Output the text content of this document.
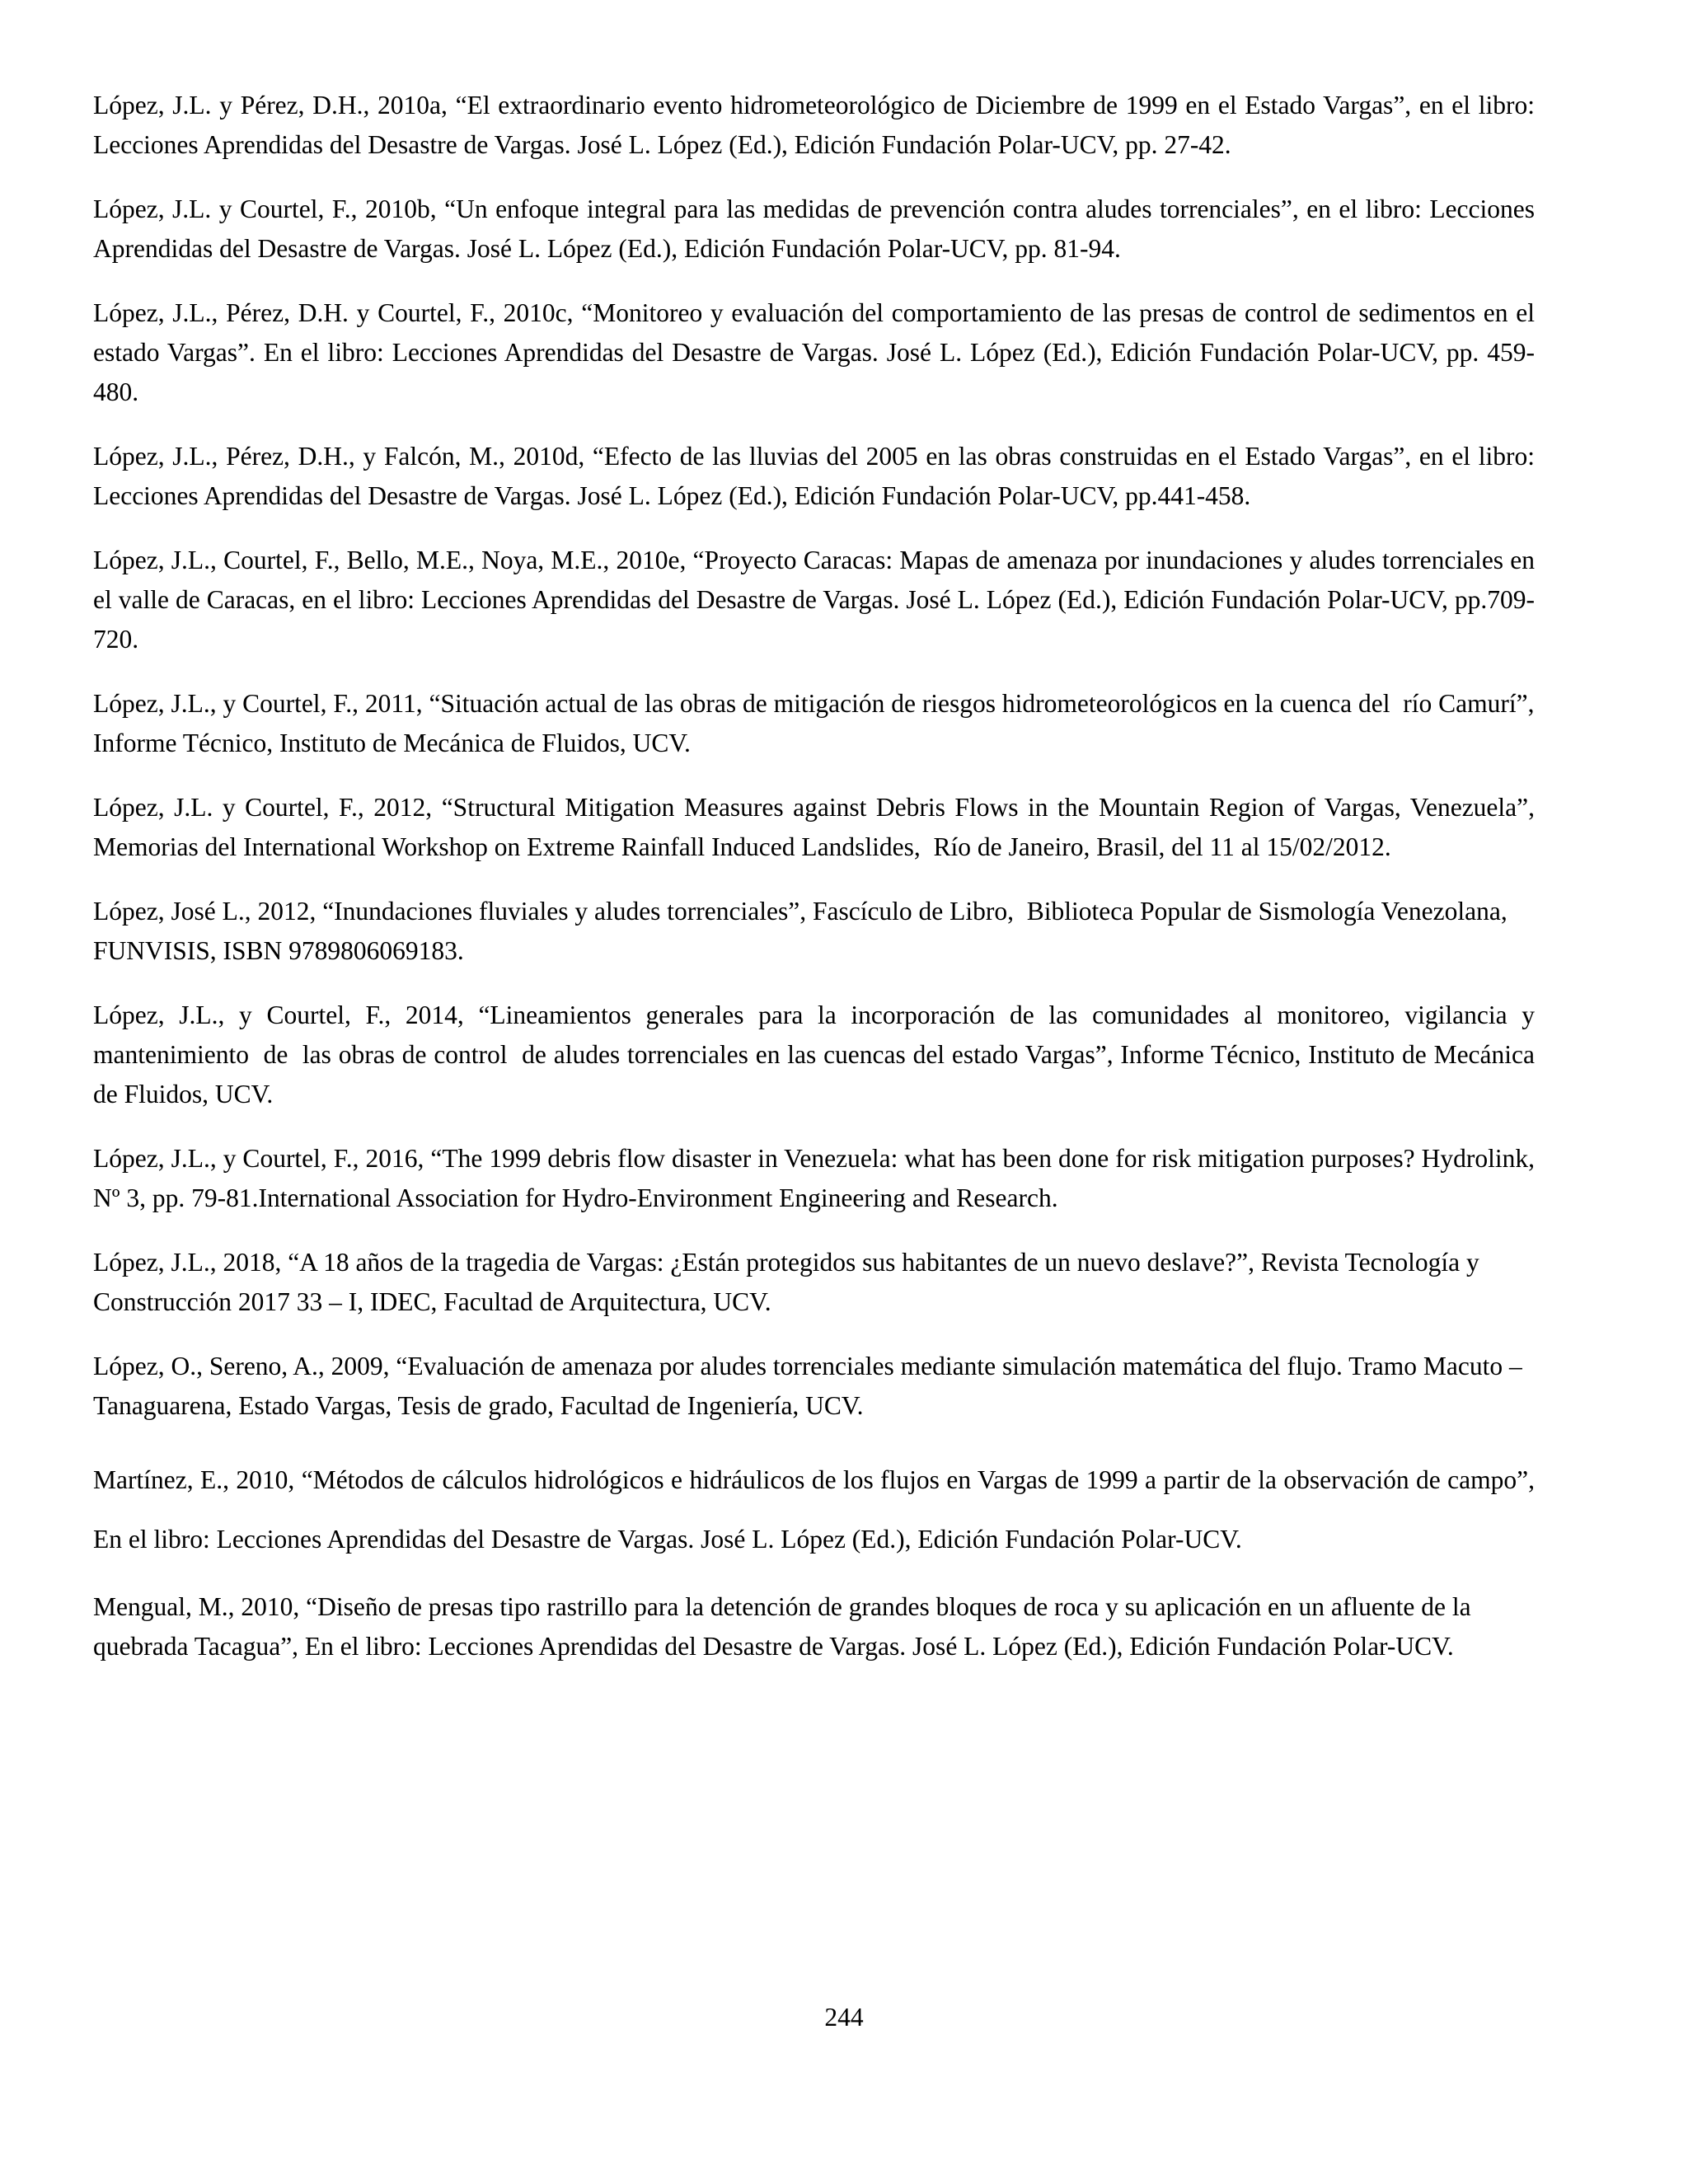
López, J.L. y Pérez, D.H., 2010a, “El extraordinario evento hidrometeorológico de Diciembre de 1999 en el Estado Vargas”, en el libro: Lecciones Aprendidas del Desastre de Vargas. José L. López (Ed.), Edición Fundación Polar-UCV, pp. 27-42.

López, J.L. y Courtel, F., 2010b, “Un enfoque integral para las medidas de prevención contra aludes torrenciales”, en el libro: Lecciones Aprendidas del Desastre de Vargas. José L. López (Ed.), Edición Fundación Polar-UCV, pp. 81-94.

López, J.L., Pérez, D.H. y Courtel, F., 2010c, “Monitoreo y evaluación del comportamiento de las presas de control de sedimentos en el estado Vargas”. En el libro: Lecciones Aprendidas del Desastre de Vargas. José L. López (Ed.), Edición Fundación Polar-UCV, pp. 459-480.

López, J.L., Pérez, D.H., y Falcón, M., 2010d, “Efecto de las lluvias del 2005 en las obras construidas en el Estado Vargas”, en el libro: Lecciones Aprendidas del Desastre de Vargas. José L. López (Ed.), Edición Fundación Polar-UCV, pp.441-458.

López, J.L., Courtel, F., Bello, M.E., Noya, M.E., 2010e, “Proyecto Caracas: Mapas de amenaza por inundaciones y aludes torrenciales en el valle de Caracas, en el libro: Lecciones Aprendidas del Desastre de Vargas. José L. López (Ed.), Edición Fundación Polar-UCV, pp.709-720.

López, J.L., y Courtel, F., 2011, “Situación actual de las obras de mitigación de riesgos hidrometeorológicos en la cuenca del  río Camurí”, Informe Técnico, Instituto de Mecánica de Fluidos, UCV.

López, J.L. y Courtel, F., 2012, “Structural Mitigation Measures against Debris Flows in the Mountain Region of Vargas, Venezuela”, Memorias del International Workshop on Extreme Rainfall Induced Landslides,  Río de Janeiro, Brasil, del 11 al 15/02/2012.

López, José L., 2012, “Inundaciones fluviales y aludes torrenciales”, Fascículo de Libro,  Biblioteca Popular de Sismología Venezolana, FUNVISIS, ISBN 9789806069183.

López, J.L., y Courtel, F., 2014, “Lineamientos generales para la incorporación de las comunidades al monitoreo, vigilancia y mantenimiento  de  las obras de control  de aludes torrenciales en las cuencas del estado Vargas”, Informe Técnico, Instituto de Mecánica de Fluidos, UCV.

López, J.L., y Courtel, F., 2016, “The 1999 debris flow disaster in Venezuela: what has been done for risk mitigation purposes? Hydrolink, Nº 3, pp. 79-81.International Association for Hydro-Environment Engineering and Research.

López, J.L., 2018, “A 18 años de la tragedia de Vargas: ¿Están protegidos sus habitantes de un nuevo deslave?”, Revista Tecnología y Construcción 2017 33 – I, IDEC, Facultad de Arquitectura, UCV.

López, O., Sereno, A., 2009, “Evaluación de amenaza por aludes torrenciales mediante simulación matemática del flujo. Tramo Macuto – Tanaguarena, Estado Vargas, Tesis de grado, Facultad de Ingeniería, UCV.

Martínez, E., 2010, “Métodos de cálculos hidrológicos e hidráulicos de los flujos en Vargas de 1999 a partir de la observación de campo”, En el libro: Lecciones Aprendidas del Desastre de Vargas. José L. López (Ed.), Edición Fundación Polar-UCV.

Mengual, M., 2010, “Diseño de presas tipo rastrillo para la detención de grandes bloques de roca y su aplicación en un afluente de la quebrada Tacagua”, En el libro: Lecciones Aprendidas del Desastre de Vargas. José L. López (Ed.), Edición Fundación Polar-UCV.

244
